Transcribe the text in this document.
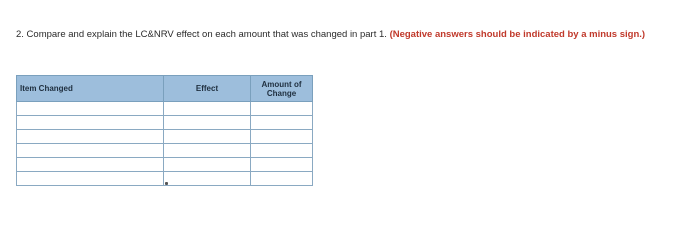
2. Compare and explain the LC&NRV effect on each amount that was changed in part 1. (Negative answers should be indicated by a minus sign.)
Item Changed	Effect	Amount of
Change
